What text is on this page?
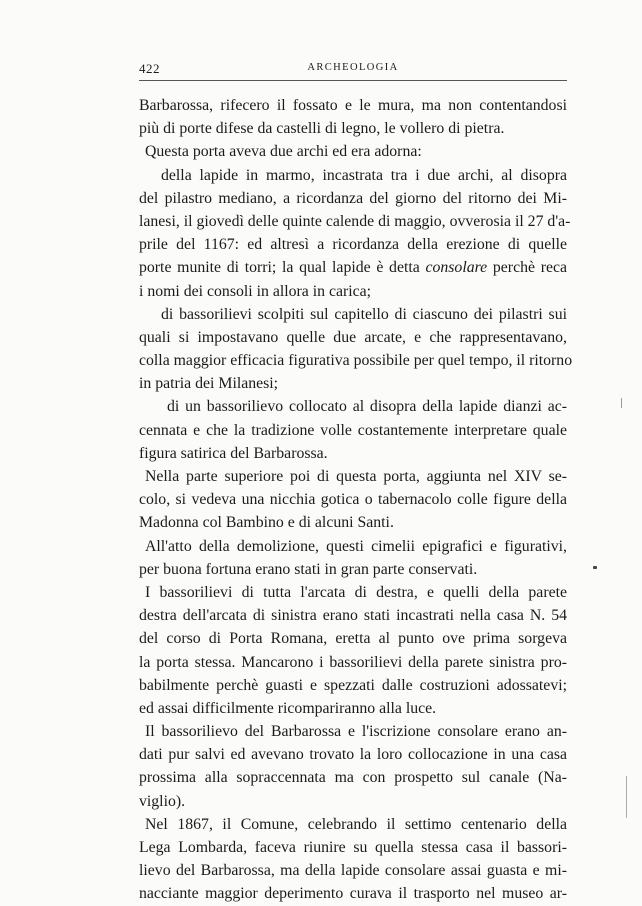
422	ARCHEOLOGIA
Barbarossa, rifecero il fossato e le mura, ma non contentandosi
più di porte difese da castelli di legno, le vollero di pietra.
Questa porta aveva due archi ed era adorna:
della lapide in marmo, incastrata tra i due archi, al disopra
del pilastro mediano, a ricordanza del giorno del ritorno dei Mi-
lanesi, il giovedì delle quinte calende di maggio, ovverosia il 27 d'a-
prile del 1167: ed altresì a ricordanza della erezione di quelle
porte munite di torri; la qual lapide è detta consolare perchè reca
i nomi dei consoli in allora in carica;
di bassorilievi scolpiti sul capitello di ciascuno dei pilastri sui
quali si impostavano quelle due arcate, e che rappresentavano,
colla maggior efficacia figurativa possibile per quel tempo, il ritorno
in patria dei Milanesi;
di un bassorilievo collocato al disopra della lapide dianzi ac-
cennata e che la tradizione volle costantemente interpretare quale
figura satirica del Barbarossa.
Nella parte superiore poi di questa porta, aggiunta nel XIV se-
colo, si vedeva una nicchia gotica o tabernacolo colle figure della
Madonna col Bambino e di alcuni Santi.
All'atto della demolizione, questi cimelii epigrafici e figurativi,
per buona fortuna erano stati in gran parte conservati.
I bassorilievi di tutta l'arcata di destra, e quelli della parete
destra dell'arcata di sinistra erano stati incastrati nella casa N. 54
del corso di Porta Romana, eretta al punto ove prima sorgeva
la porta stessa. Mancarono i bassorilievi della parete sinistra pro-
babilmente perchè guasti e spezzati dalle costruzioni adossatevi;
ed assai difficilmente ricompariranno alla luce.
Il bassorilievo del Barbarossa e l'iscrizione consolare erano an-
dati pur salvi ed avevano trovato la loro collocazione in una casa
prossima alla sopraccennata ma con prospetto sul canale (Na-
viglio).
Nel 1867, il Comune, celebrando il settimo centenario della
Lega Lombarda, faceva riunire su quella stessa casa il bassori-
lievo del Barbarossa, ma della lapide consolare assai guasta e mi-
nacciante maggior deperimento curava il trasporto nel museo ar-
